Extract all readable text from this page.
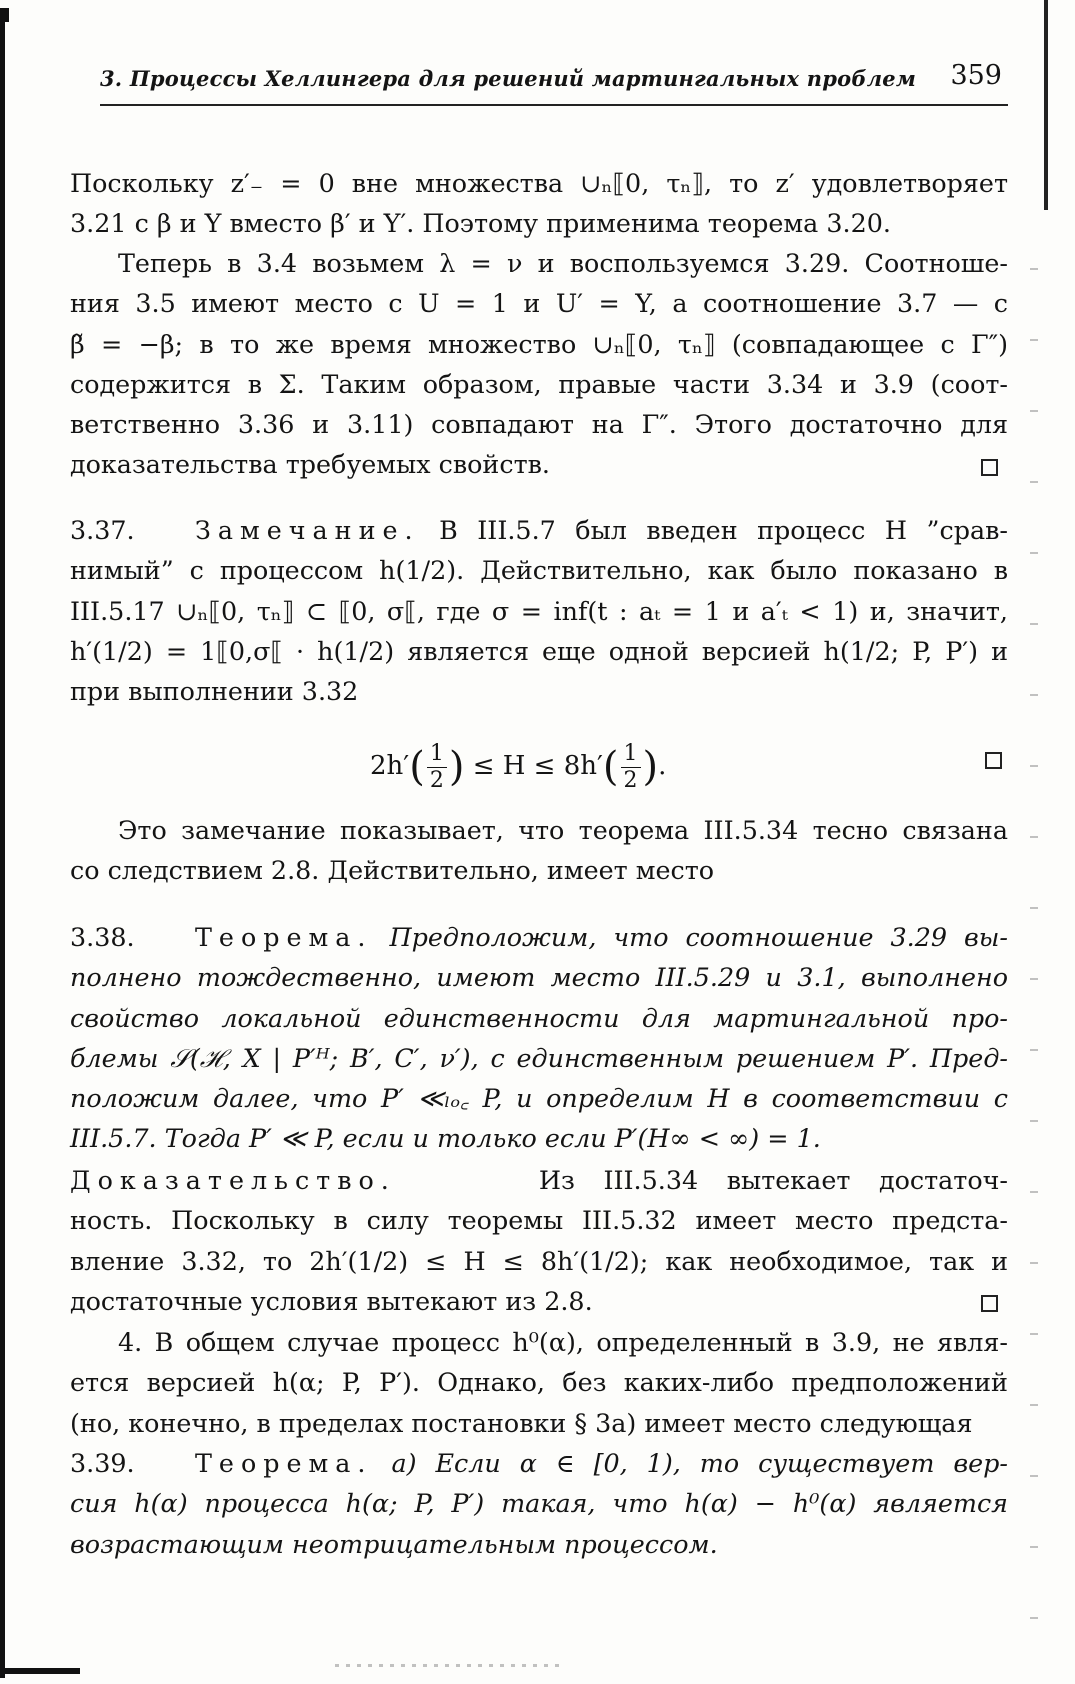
3. Процессы Хеллингера для решений мартингальных проблем 359
Поскольку z′₋ = 0 вне множества ∪ₙ⟦0, τₙ⟧, то z′ удовлетворяет
3.21 с β и Y вместо β′ и Y′. Поэтому применима теорема 3.20.
Теперь в 3.4 возьмем λ = ν и воспользуемся 3.29. Соотноше-
ния 3.5 имеют место с U = 1 и U′ = Y, а соотношение 3.7 — с
β̃ = −β; в то же время множество ∪ₙ⟦0, τₙ⟧ (совпадающее с Γ″)
содержится в Σ. Таким образом, правые части 3.34 и 3.9 (соот-
ветственно 3.36 и 3.11) совпадают на Γ″. Этого достаточно для
доказательства требуемых свойств.
3.37. Замечание. В III.5.7 был введен процесс H ”срав-
нимый” с процессом h(1/2). Действительно, как было показано в
III.5.17 ∪ₙ⟦0, τₙ⟧ ⊂ ⟦0, σ⟦, где σ = inf(t : aₜ = 1 и a′ₜ < 1) и, значит,
h′(1/2) = 1⟦0,σ⟦ · h(1/2) является еще одной версией h(1/2; P, P′) и
при выполнении 3.32
$2h'( \frac{1}{2}$ ) ≤ $H \le 8h'( \frac{1}{2}$ ).
Это замечание показывает, что теорема III.5.34 тесно связана
со следствием 2.8. Действительно, имеет место
3.38. Теорема. Предположим, что соотношение 3.29 вы-
полнено тождественно, имеют место III.5.29 и 3.1, выполнено
свойство локальной единственности для мартингальной про-
блемы 𝒮(ℋ, X | P′ᴴ; B′, C′, ν′), с единственным решением P′. Пред-
положим далее, что P′ ≪ₗₒ꜀ P, и определим H в соответствии с
III.5.7. Тогда P′ ≪ P, если и только если P′(H∞ < ∞) = 1.
Доказательство.	Из III.5.34 вытекает достаточ-
ность. Поскольку в силу теоремы III.5.32 имеет место предста-
вление 3.32, то 2h′(1/2) ≤ H ≤ 8h′(1/2); как необходимое, так и
достаточные условия вытекают из 2.8.
4. В общем случае процесс h⁰(α), определенный в 3.9, не явля-
ется версией h(α; P, P′). Однако, без каких-либо предположений
(но, конечно, в пределах постановки § 3a) имеет место следующая
3.39. Теорема. а) Если α ∈ [0, 1), то существует вер-
сия h(α) процесса h(α; P, P′) такая, что h(α) − h⁰(α) является
возрастающим неотрицательным процессом.
